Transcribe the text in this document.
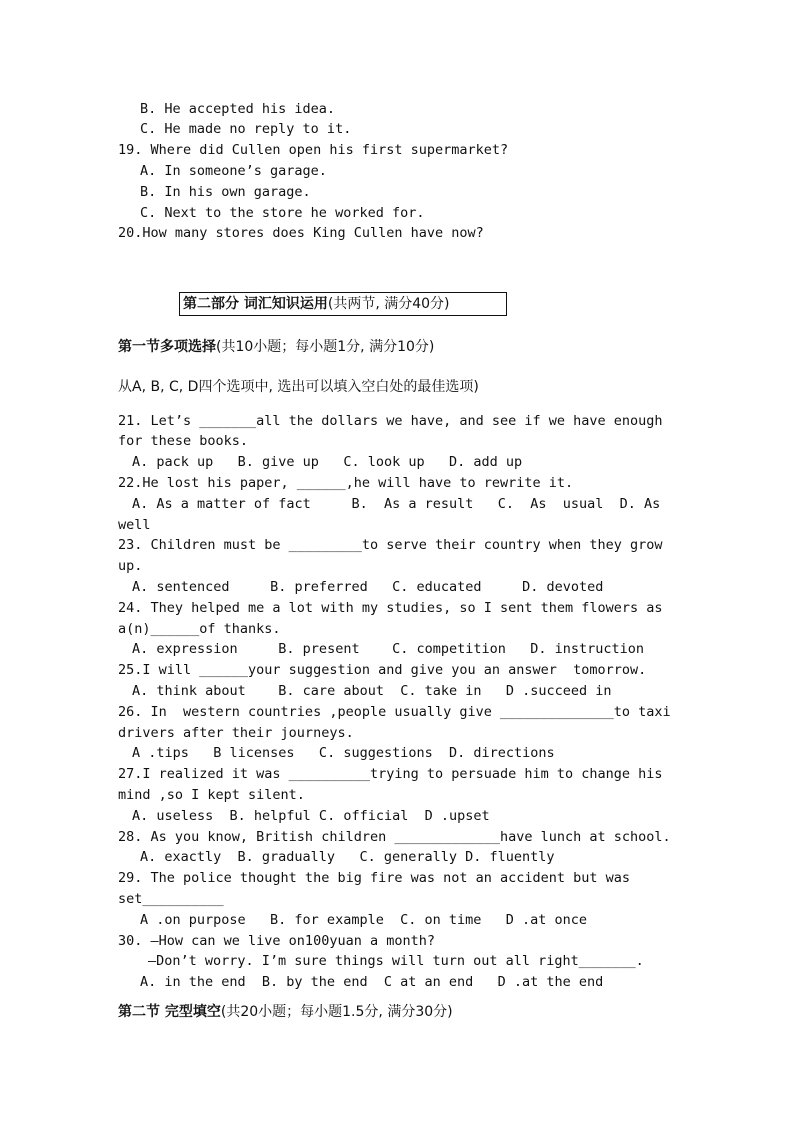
B. He accepted his idea.
C. He made no reply to it.
19. Where did Cullen open his first supermarket?
A. In someone’s garage.
B. In his own garage.
C. Next to the store he worked for.
20.How many stores does King Cullen have now?
第二部分 词汇知识运用(共两节, 满分40分)
第一节多项选择(共10小题；每小题1分, 满分10分)
从A, B, C, D四个选项中, 选出可以填入空白处的最佳选项)
21. Let’s _______all the dollars we have, and see if we have enough
for these books.
A. pack up   B. give up   C. look up   D. add up
22.He lost his paper, ______,he will have to rewrite it.
A. As a matter of fact     B.  As a result   C.  As  usual  D. As
well
23. Children must be _________to serve their country when they grow
up.
A. sentenced     B. preferred   C. educated     D. devoted
24. They helped me a lot with my studies, so I sent them flowers as
a(n)______of thanks.
A. expression     B. present    C. competition   D. instruction
25.I will ______your suggestion and give you an answer  tomorrow.
A. think about    B. care about  C. take in   D .succeed in
26. In  western countries ,people usually give ______________to taxi
drivers after their journeys.
A .tips   B licenses   C. suggestions  D. directions
27.I realized it was __________trying to persuade him to change his
mind ,so I kept silent.
A. useless  B. helpful C. official  D .upset
28. As you know, British children _____________have lunch at school.
A. exactly  B. gradually   C. generally D. fluently
29. The police thought the big fire was not an accident but was
set__________
A .on purpose   B. for example  C. on time   D .at once
30. —How can we live on100yuan a month?
—Don’t worry. I’m sure things will turn out all right_______.
A. in the end  B. by the end  C at an end   D .at the end
第二节 完型填空(共20小题；每小题1.5分, 满分30分)
